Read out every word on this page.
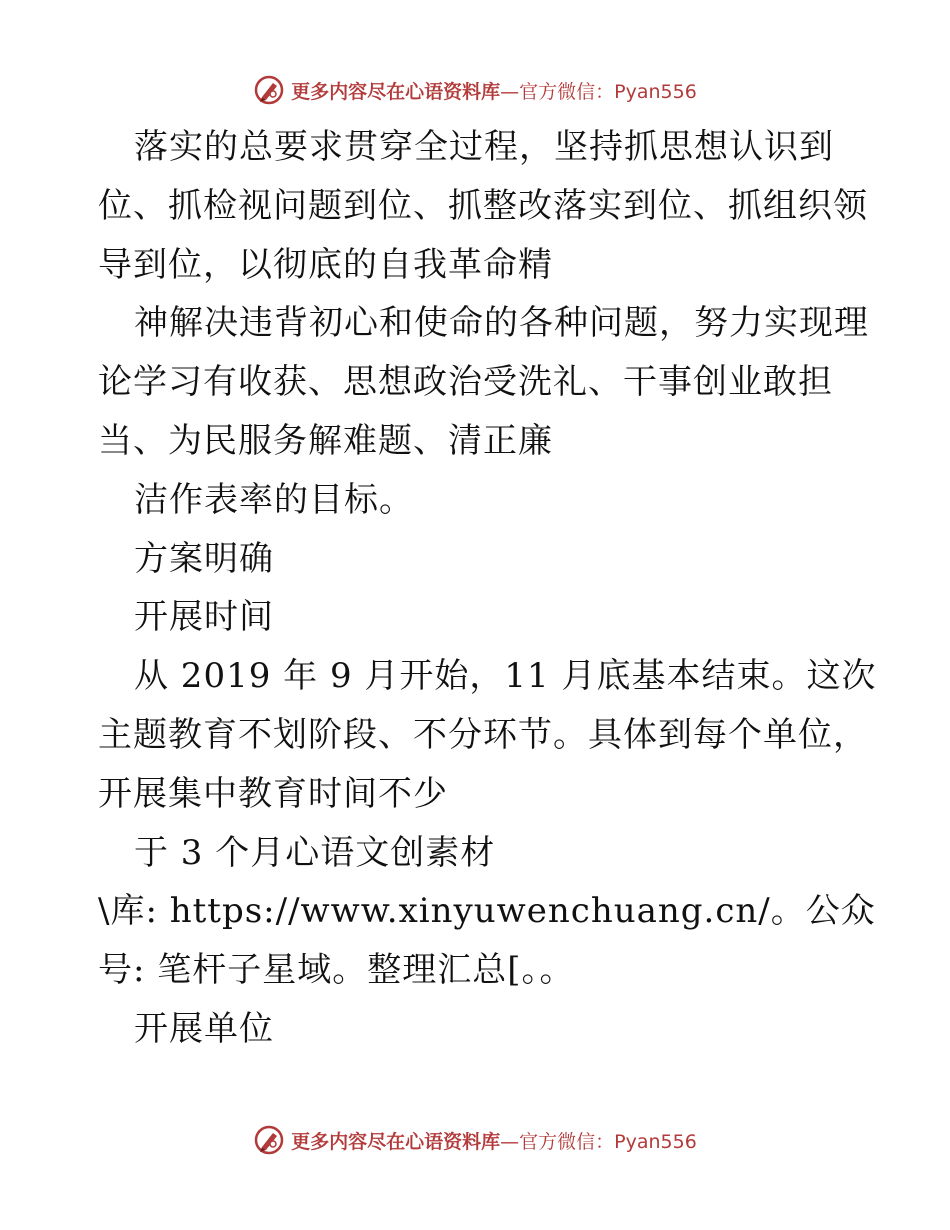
更多内容尽在心语资料库 —官方微信：Pyan556
落实的总要求贯穿全过程，坚持抓思想认识到
位、抓检视问题到位、抓整改落实到位、抓组织领
导到位，以彻底的自我革命精
神解决违背初心和使命的各种问题，努力实现理
论学习有收获、思想政治受洗礼、干事创业敢担
当、为民服务解难题、清正廉
洁作表率的目标。
方案明确
开展时间
从 2019 年 9 月开始，11 月底基本结束。这次
主题教育不划阶段、不分环节。具体到每个单位，
开展集中教育时间不少
于 3 个月心语文创素材
\库: https://www.xinyuwenchuang.cn/。公众
号: 笔杆子星域。整理汇总[。。
开展单位
更多内容尽在心语资料库 —官方微信：Pyan556
